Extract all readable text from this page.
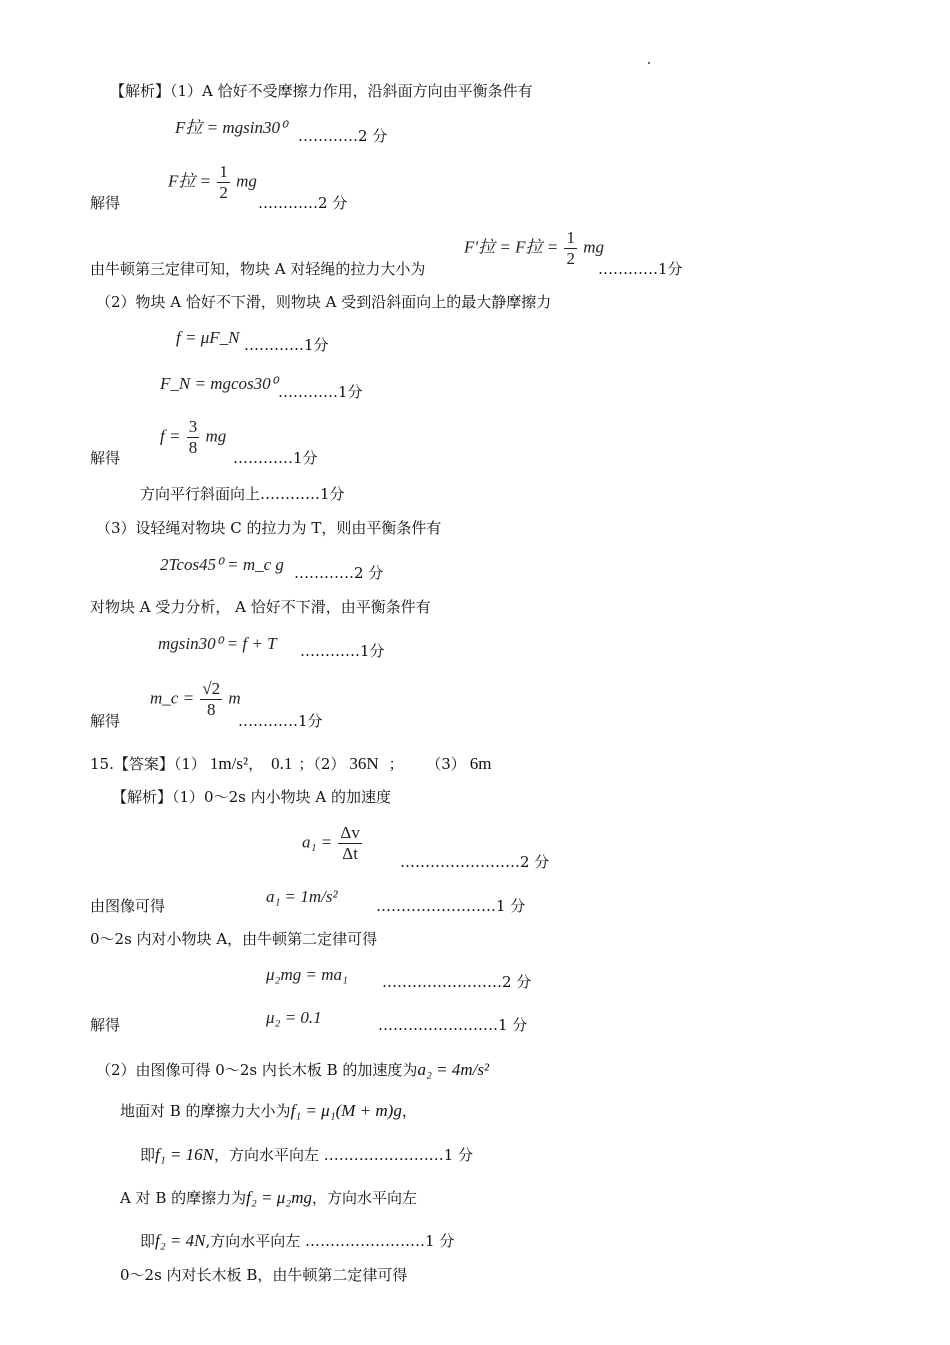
【解析】（1）A 恰好不受摩擦力作用，沿斜面方向由平衡条件有
F拉 = mgsin30⁰ …………2 分
解得
F拉 = $\frac{1}{2}$ mg
…………2 分
由牛顿第三定律可知，物块 A 对轻绳的拉力大小为
F′拉 = F拉 = $\frac{1}{2}$ mg
…………1分
（2）物块 A 恰好不下滑，则物块 A 受到沿斜面向上的最大静摩擦力
f = μF_N …………1分
F_N = mgcos30⁰ …………1分
解得
$f = \frac{3}{8}$ mg
…………1分
方向平行斜面向上…………1分
（3）设轻绳对物块 C 的拉力为 T，则由平衡条件有
2Tcos45⁰ = m_c g …………2 分
对物块 A 受力分析， A 恰好不下滑，由平衡条件有
mgsin30⁰ = f + T …………1分
解得
m_c = $\frac{√2}{8}$ m
…………1分
15.【答案】（1） 1m/s²， 0.1 ；（2） 36N ； （3） 6m
【解析】（1）0～2s 内小物块 A 的加速度
$a_1 = \frac{\Delta v}{\Delta t}$	……………………2 分
由图像可得	a₁ = 1m/s²	……………………1 分
0～2s 内对小物块 A，由牛顿第二定律可得
μ₂mg = ma₁ ……………………2 分
解得	μ₂ = 0.1	……………………1 分
（2）由图像可得 0～2s 内长木板 B 的加速度为a₂ = 4m/s²
地面对 B 的摩擦力大小为f₁ = μ₁(M + m)g，
即f₁ = 16N，方向水平向左 ……………………1 分
A 对 B 的摩擦力为f₂ = μ₂mg，方向水平向左
即f₂ = 4N,方向水平向左 ……………………1 分
0～2s 内对长木板 B，由牛顿第二定律可得
